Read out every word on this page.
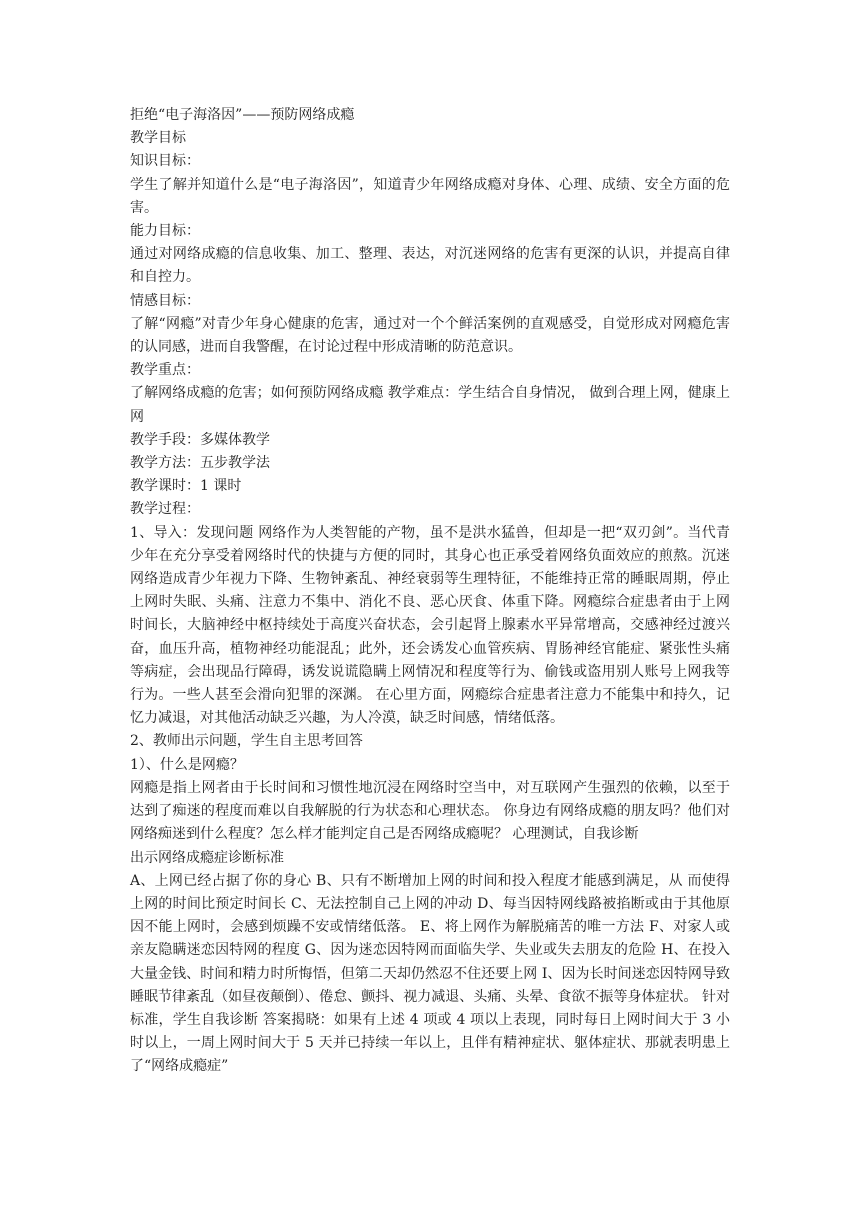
拒绝“电子海洛因”——预防网络成瘾

教学目标

知识目标：

学生了解并知道什么是“电子海洛因”，知道青少年网络成瘾对身体、心理、成绩、安全方面的危害。

能力目标：

通过对网络成瘾的信息收集、加工、整理、表达，对沉迷网络的危害有更深的认识，并提高自律和自控力。

情感目标：

了解“网瘾”对青少年身心健康的危害，通过对一个个鲜活案例的直观感受，自觉形成对网瘾危害的认同感，进而自我警醒，在讨论过程中形成清晰的防范意识。

教学重点：

了解网络成瘾的危害；如何预防网络成瘾 教学难点：学生结合自身情况， 做到合理上网，健康上网

教学手段：多媒体教学

教学方法：五步教学法

教学课时：1 课时

教学过程：

1、导入：发现问题 网络作为人类智能的产物，虽不是洪水猛兽，但却是一把“双刃剑”。当代青少年在充分享受着网络时代的快捷与方便的同时，其身心也正承受着网络负面效应的煎熬。沉迷网络造成青少年视力下降、生物钟紊乱、神经衰弱等生理特征，不能维持正常的睡眠周期，停止上网时失眠、头痛、注意力不集中、消化不良、恶心厌食、体重下降。网瘾综合症患者由于上网时间长，大脑神经中枢持续处于高度兴奋状态，会引起肾上腺素水平异常增高，交感神经过渡兴奋，血压升高，植物神经功能混乱；此外，还会诱发心血管疾病、胃肠神经官能症、紧张性头痛等病症，会出现品行障碍，诱发说谎隐瞒上网情况和程度等行为、偷钱或盗用别人账号上网我等行为。一些人甚至会滑向犯罪的深渊。 在心里方面，网瘾综合症患者注意力不能集中和持久，记忆力减退，对其他活动缺乏兴趣，为人冷漠，缺乏时间感，情绪低落。

2、教师出示问题，学生自主思考回答

1）、什么是网瘾？

网瘾是指上网者由于长时间和习惯性地沉浸在网络时空当中，对互联网产生强烈的依赖，以至于达到了痴迷的程度而难以自我解脱的行为状态和心理状态。 你身边有网络成瘾的朋友吗？他们对网络痴迷到什么程度？怎么样才能判定自己是否网络成瘾呢？ 心理测试，自我诊断

出示网络成瘾症诊断标准

A、上网已经占据了你的身心 B、只有不断增加上网的时间和投入程度才能感到满足，从 而使得上网的时间比预定时间长 C、无法控制自己上网的冲动 D、每当因特网线路被掐断或由于其他原因不能上网时，会感到烦躁不安或情绪低落。 E、将上网作为解脱痛苦的唯一方法 F、对家人或亲友隐瞒迷恋因特网的程度 G、因为迷恋因特网而面临失学、失业或失去朋友的危险 H、在投入大量金钱、时间和精力时所悔悟，但第二天却仍然忍不住还要上网 I、因为长时间迷恋因特网导致睡眠节律紊乱（如昼夜颠倒）、倦怠、颤抖、视力减退、头痛、头晕、食欲不振等身体症状。 针对标准，学生自我诊断 答案揭晓：如果有上述 4 项或 4 项以上表现，同时每日上网时间大于 3 小时以上，一周上网时间大于 5 天并已持续一年以上，且伴有精神症状、躯体症状、那就表明患上了“网络成瘾症”
